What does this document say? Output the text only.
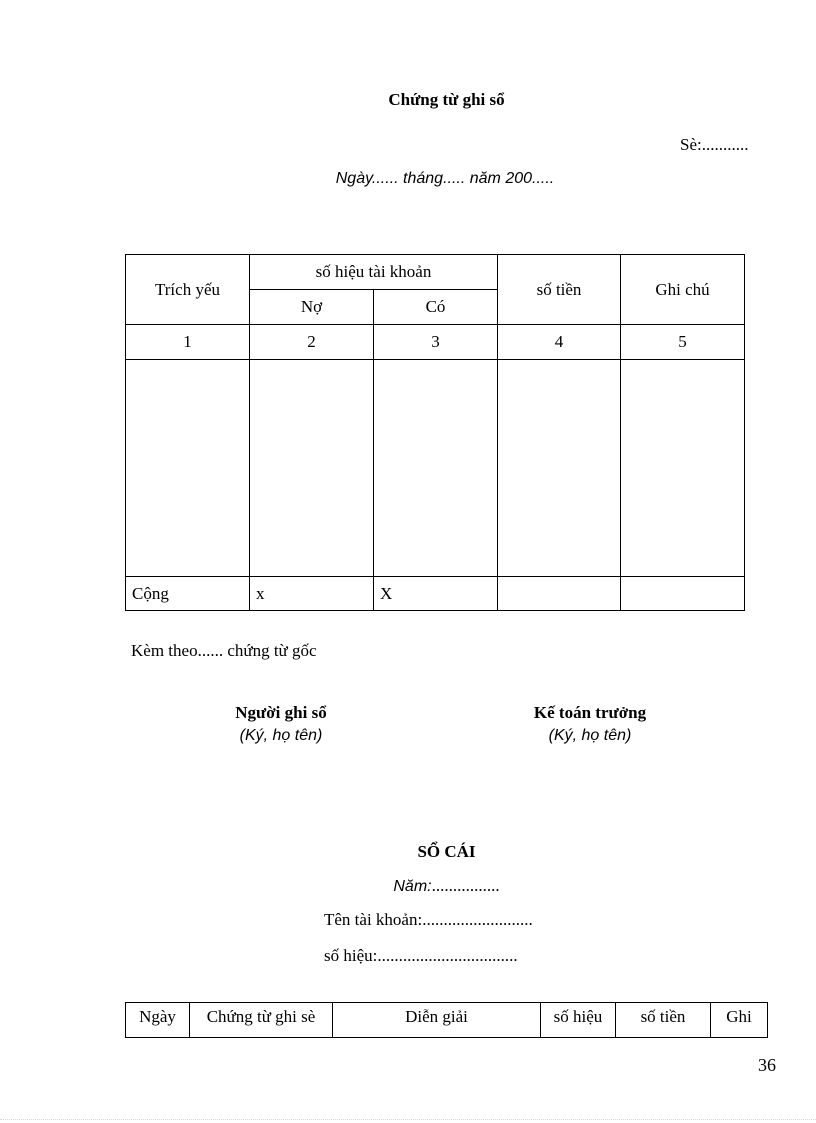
Chứng từ ghi sổ
Sè:...........
Ngày...... tháng..... năm 200.....
Trích yếu	số hiệu tài khoản		số tiền	Ghi chú
	Nợ	Có		
1	2	3	4	5

Cộng	x	X		
Kèm theo...... chứng từ gốc
Người ghi sổ
(Ký, họ tên)
Kế toán trưởng
(Ký, họ tên)
SỔ CÁI
Năm:................
Tên tài khoản:..........................
số hiệu:.................................
Ngày	Chứng từ ghi sè	Diễn giải	số hiệu	số tiền	Ghi
36
